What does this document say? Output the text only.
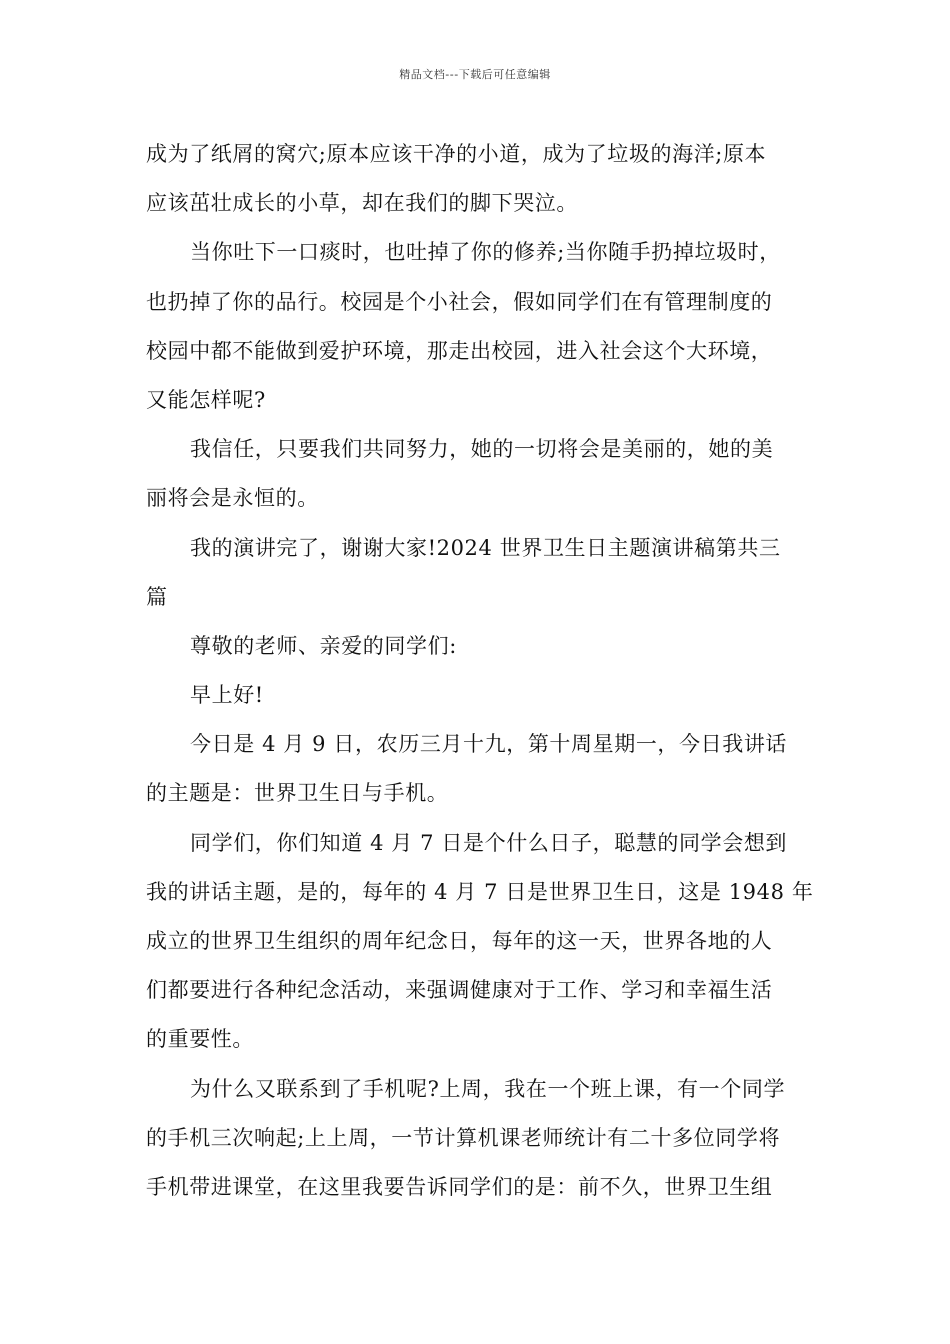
精品文档---下载后可任意编辑
成为了纸屑的窝穴;原本应该干净的小道，成为了垃圾的海洋;原本
应该茁壮成长的小草，却在我们的脚下哭泣。
当你吐下一口痰时，也吐掉了你的修养;当你随手扔掉垃圾时，
也扔掉了你的品行。校园是个小社会，假如同学们在有管理制度的
校园中都不能做到爱护环境，那走出校园，进入社会这个大环境，
又能怎样呢?
我信任，只要我们共同努力，她的一切将会是美丽的，她的美
丽将会是永恒的。
我的演讲完了，谢谢大家!2024 世界卫生日主题演讲稿第共三
篇
尊敬的老师、亲爱的同学们:
早上好!
今日是 4 月 9 日，农历三月十九，第十周星期一，今日我讲话
的主题是：世界卫生日与手机。
同学们，你们知道 4 月 7 日是个什么日子，聪慧的同学会想到
我的讲话主题，是的，每年的 4 月 7 日是世界卫生日，这是 1948 年
成立的世界卫生组织的周年纪念日，每年的这一天，世界各地的人
们都要进行各种纪念活动，来强调健康对于工作、学习和幸福生活
的重要性。
为什么又联系到了手机呢?上周，我在一个班上课，有一个同学
的手机三次响起;上上周，一节计算机课老师统计有二十多位同学将
手机带进课堂，在这里我要告诉同学们的是：前不久，世界卫生组
